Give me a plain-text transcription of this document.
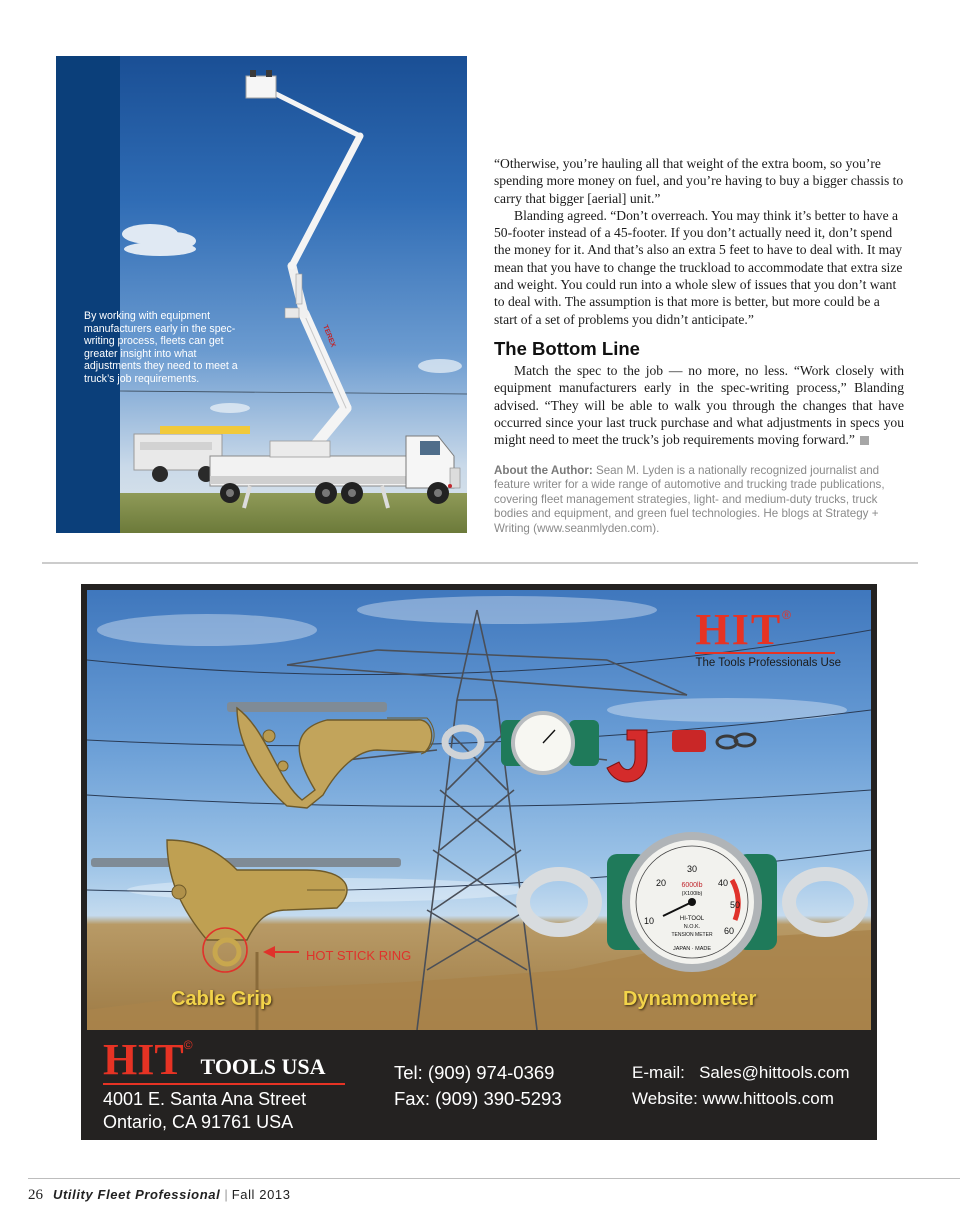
TEREX
By working with equipment manufacturers early in the spec-writing process, fleets can get greater insight into what adjustments they need to meet a truck’s job requirements.

“Otherwise, you’re hauling all that weight of the extra boom, so you’re spending more money on fuel, and you’re having to buy a bigger chassis to carry that bigger [aerial] unit.”

Blanding agreed. “Don’t overreach. You may think it’s better to have a 50-footer instead of a 45-footer. If you don’t actually need it, don’t spend the money for it. And that’s also an extra 5 feet to have to deal with. It may mean that you have to change the truckload to accommodate that extra size and weight. You could run into a whole slew of issues that you don’t want to deal with. The assumption is that more is better, but more could be a start of a set of problems you didn’t anticipate.”

The Bottom Line

Match the spec to the job — no more, no less. “Work closely with equipment manufacturers early in the spec-writing process,” Blanding advised. “They will be able to walk you through the changes that have occurred since your last truck purchase and what adjustments in specs you might need to meet the truck’s job requirements moving forward.”

About the Author: Sean M. Lyden is a nationally recognized journalist and feature writer for a wide range of automotive and trucking trade publications, covering fleet management strategies, light- and medium-duty trucks, truck bodies and equipment, and green fuel technologies. He blogs at Strategy + Writing (www.seanmlyden.com).
10
20
30
40
50
60
6000lb
(X100lb)
HI-TOOL
N.O.K.
TENSION METER
JAPAN · MADE
HIT®
The Tools Professionals Use
Cable Grip	Dynamometer
HOT STICK RING
HIT©TOOLS USA
4001 E. Santa Ana Street
Ontario, CA 91761 USA
Tel: (909) 974-0369
Fax: (909) 390-5293
E-mail: Sales@hittools.com
Website: www.hittools.com
26 Utility Fleet Professional | Fall 2013
